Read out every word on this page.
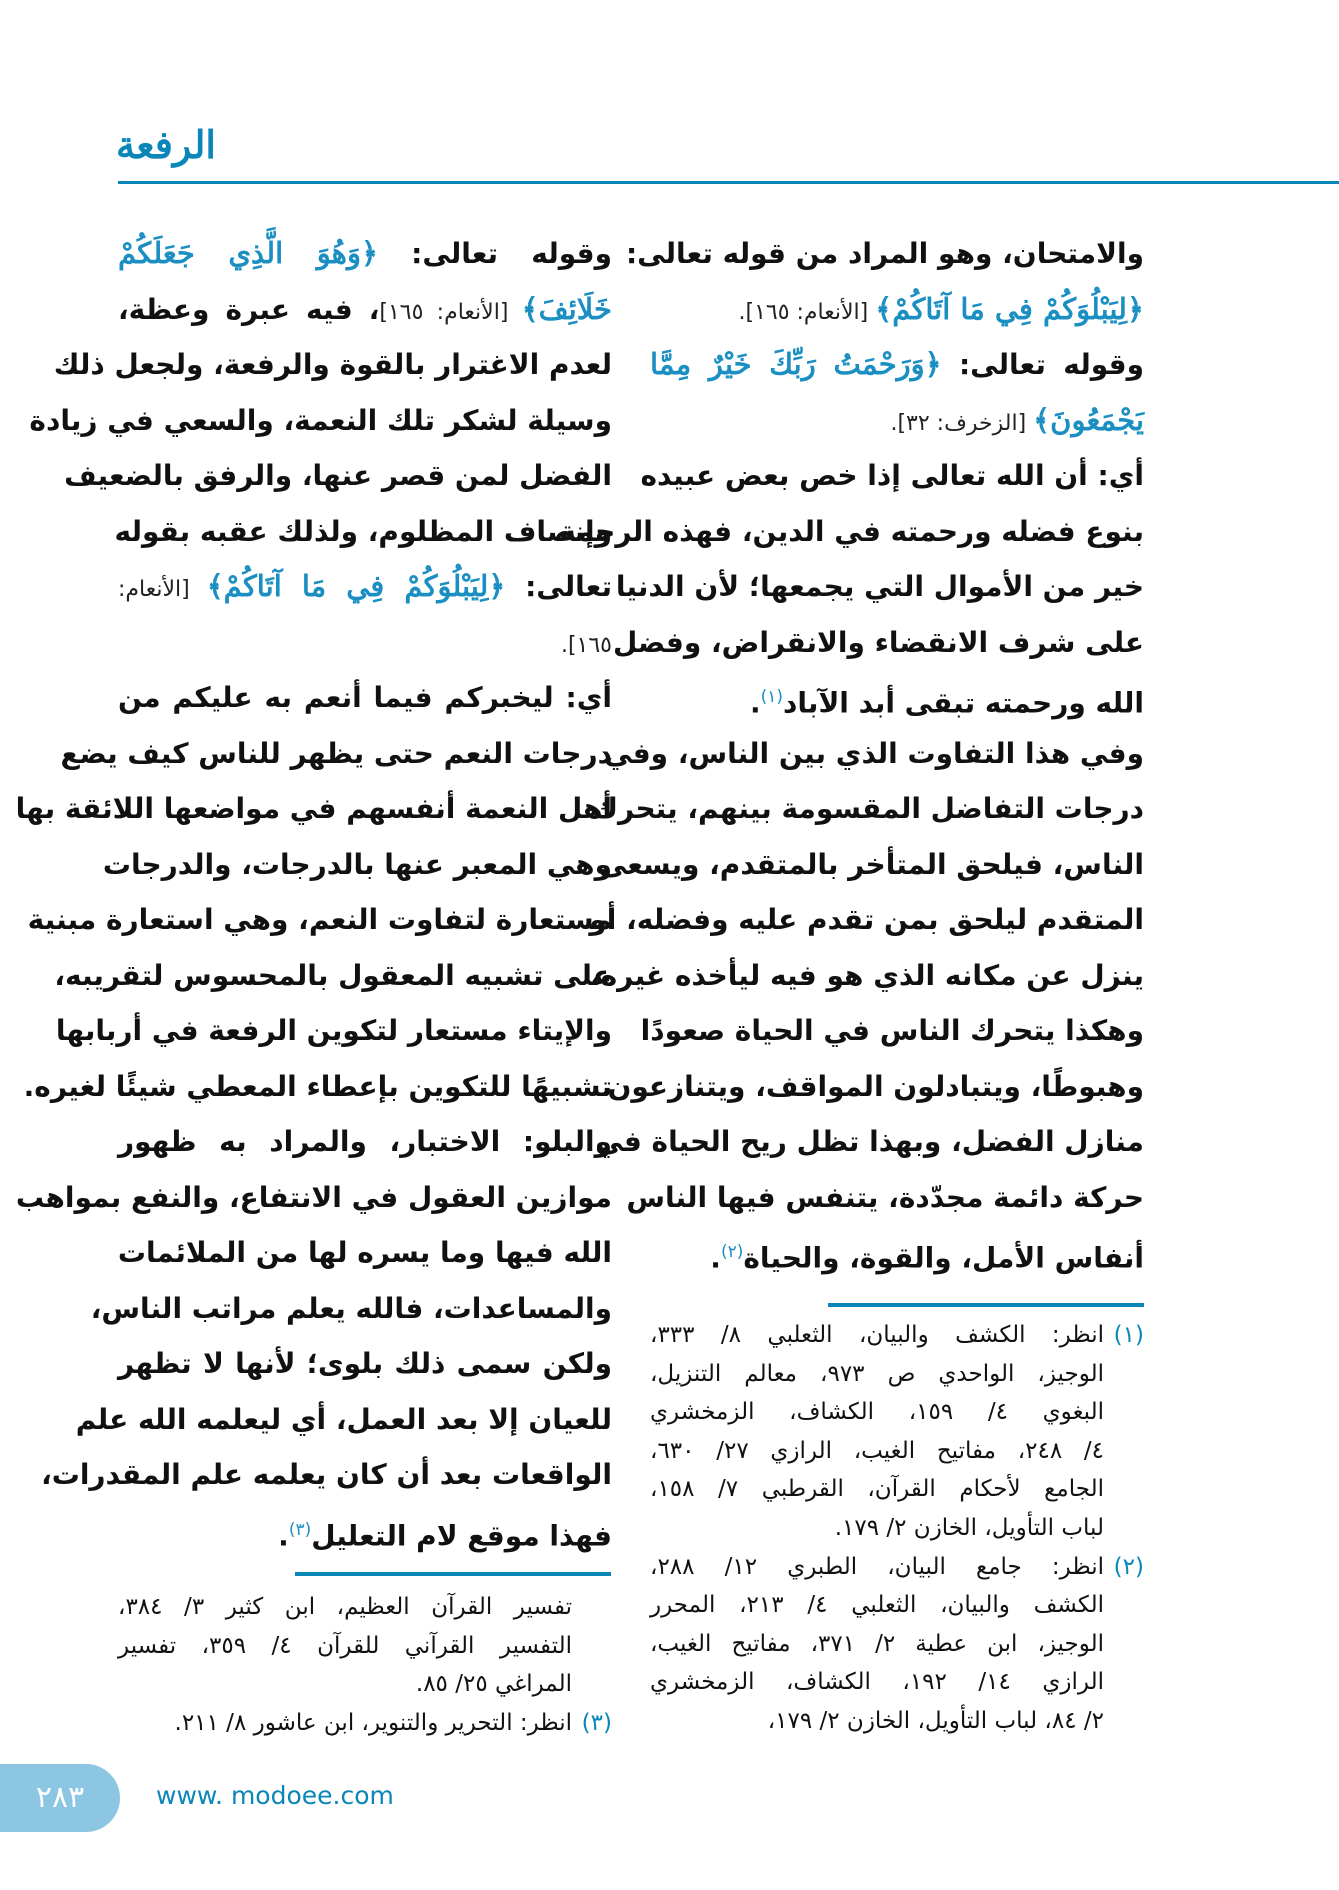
الرفعة
والامتحان، وهو المراد من قوله تعالى:
﴿لِيَبْلُوَكُمْ فِي مَا آتَاكُمْ﴾ [الأنعام: ١٦٥].
وقوله تعالى: ﴿وَرَحْمَتُ رَبِّكَ خَيْرٌ مِمَّا
يَجْمَعُونَ﴾ [الزخرف: ٣٢].
أي: أن الله تعالى إذا خص بعض عبيده
بنوع فضله ورحمته في الدين، فهذه الرحمة
خير من الأموال التي يجمعها؛ لأن الدنيا
على شرف الانقضاء والانقراض، وفضل
الله ورحمته تبقى أبد الآباد$^{(١)}$.
وفي هذا التفاوت الذي بين الناس، وفي
درجات التفاضل المقسومة بينهم، يتحرك
الناس، فيلحق المتأخر بالمتقدم، ويسعى
المتقدم ليلحق بمن تقدم عليه وفضله، أو
ينزل عن مكانه الذي هو فيه ليأخذه غيره،
وهكذا يتحرك الناس في الحياة صعودًا
وهبوطًا، ويتبادلون المواقف، ويتنازعون
منازل الفضل، وبهذا تظل ريح الحياة في
حركة دائمة مجدّدة، يتنفس فيها الناس
أنفاس الأمل، والقوة، والحياة$^{(٢)}$.
وقوله تعالى: ﴿وَهُوَ الَّذِي جَعَلَكُمْ
خَلَائِفَ﴾ [الأنعام: ١٦٥]، فيه عبرة وعظة،
لعدم الاغترار بالقوة والرفعة، ولجعل ذلك
وسيلة لشكر تلك النعمة، والسعي في زيادة
الفضل لمن قصر عنها، والرفق بالضعيف
وإنصاف المظلوم، ولذلك عقبه بقوله
تعالى: ﴿لِيَبْلُوَكُمْ فِي مَا آتَاكُمْ﴾ [الأنعام:
١٦٥].
أي: ليخبركم فيما أنعم به عليكم من
درجات النعم حتى يظهر للناس كيف يضع
أهل النعمة أنفسهم في مواضعها اللائقة بها
وهي المعبر عنها بالدرجات، والدرجات
مستعارة لتفاوت النعم، وهي استعارة مبنية
على تشبيه المعقول بالمحسوس لتقريبه،
والإيتاء مستعار لتكوين الرفعة في أربابها
تشبيهًا للتكوين بإعطاء المعطي شيئًا لغيره.
والبلو: الاختبار، والمراد به ظهور
موازين العقول في الانتفاع، والنفع بمواهب
الله فيها وما يسره لها من الملائمات
والمساعدات، فالله يعلم مراتب الناس،
ولكن سمى ذلك بلوى؛ لأنها لا تظهر
للعيان إلا بعد العمل، أي ليعلمه الله علم
الواقعات بعد أن كان يعلمه علم المقدرات،
فهذا موقع لام التعليل$^{(٣)}$.
(١)
انظر: الكشف والبيان، الثعلبي ٨/ ٣٣٣،
الوجيز، الواحدي ص ٩٧٣، معالم التنزيل،
البغوي ٤/ ١٥٩، الكشاف، الزمخشري
٤/ ٢٤٨، مفاتيح الغيب، الرازي ٢٧/ ٦٣٠،
الجامع لأحكام القرآن، القرطبي ٧/ ١٥٨،
لباب التأويل، الخازن ٢/ ١٧٩.
(٢)
انظر: جامع البيان، الطبري ١٢/ ٢٨٨،
الكشف والبيان، الثعلبي ٤/ ٢١٣، المحرر
الوجيز، ابن عطية ٢/ ٣٧١، مفاتيح الغيب،
الرازي ١٤/ ١٩٢، الكشاف، الزمخشري
٢/ ٨٤، لباب التأويل، الخازن ٢/ ١٧٩،
تفسير القرآن العظيم، ابن كثير ٣/ ٣٨٤،
التفسير القرآني للقرآن ٤/ ٣٥٩، تفسير
المراغي ٢٥/ ٨٥.
(٣)
انظر: التحرير والتنوير، ابن عاشور ٨/ ٢١١.
٢٨٣	www. modoee.com
